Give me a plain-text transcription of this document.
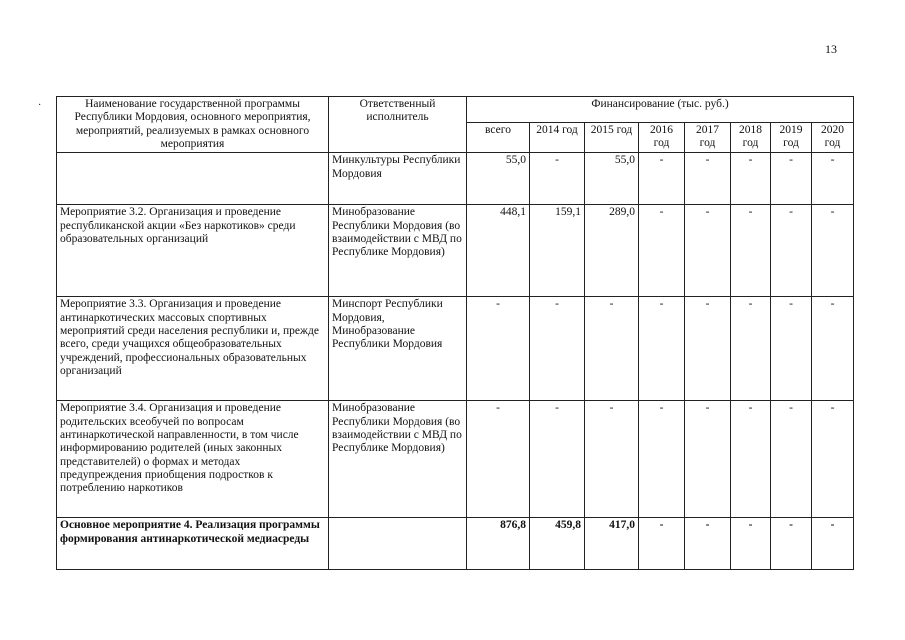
13
·	Наименование государственной программы Республики Мордовия, основного мероприятия, мероприятий, реализуемых в рамках основного мероприятия	Ответственный исполнитель	Финансирование (тыс. руб.)							
		всего	2014 год	2015 год	2016 год	2017 год	2018 год	2019 год	2020 год
	Минкультуры Республики Мордовия	55,0	-	55,0	-	-	-	-	-
Мероприятие 3.2. Организация и проведение республиканской акции «Без наркотиков» среди образовательных организаций	Минобразование Республики Мордовия (во взаимодействии с МВД по Республике Мордовия)	448,1	159,1	289,0	-	-	-	-	-
Мероприятие 3.3. Организация и проведение антинаркотических массовых спортивных мероприятий среди населения республики и, прежде всего, среди учащихся общеобразовательных учреждений, профессиональных образовательных организаций	Минспорт Республики Мордовия, Минобразование Республики Мордовия	-	-	-	-	-	-	-	-
Мероприятие 3.4. Организация и проведение родительских всеобучей по вопросам антинаркотической направленности, в том числе информированию родителей (иных законных представителей) о формах и методах предупреждения приобщения подростков к потреблению наркотиков	Минобразование Республики Мордовия (во взаимодействии с МВД по Республике Мордовия)	-	-	-	-	-	-	-	-
Основное мероприятие 4. Реализация программы формирования антинаркотической медиасреды		876,8	459,8	417,0	-	-	-	-	-
